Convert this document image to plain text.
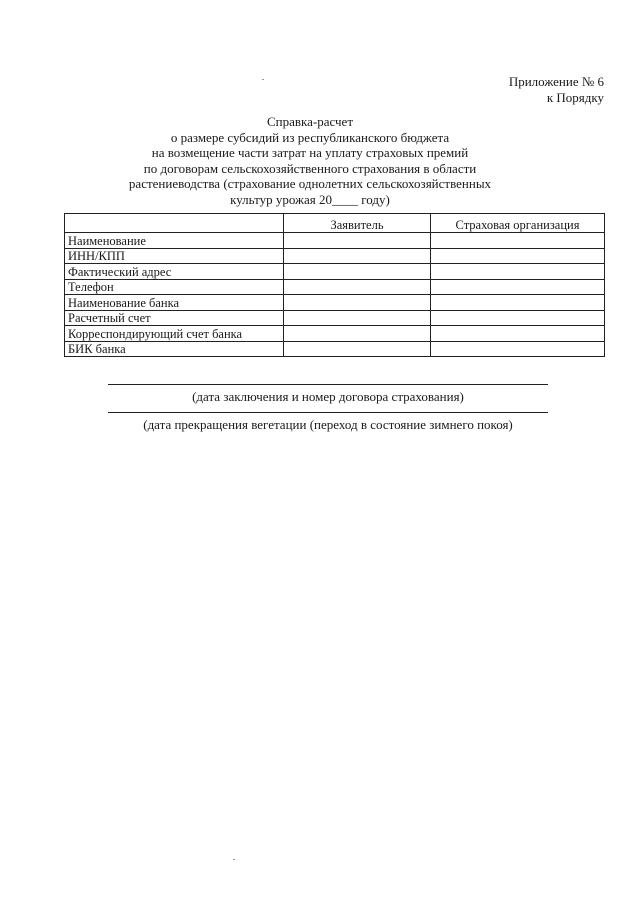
Приложение № 6
к Порядку
Справка-расчет
о размере субсидий из республиканского бюджета
на возмещение части затрат на уплату страховых премий
по договорам сельскохозяйственного страхования в области
растениеводства (страхование однолетних сельскохозяйственных
культур урожая 20____ году)
	Заявитель	Страховая организация
Наименование		
ИНН/КПП		
Фактический адрес		
Телефон		
Наименование банка		
Расчетный счет		
Корреспондирующий счет банка		
БИК банка		
(дата заключения и номер договора страхования)
(дата прекращения вегетации (переход в состояние зимнего покоя)
